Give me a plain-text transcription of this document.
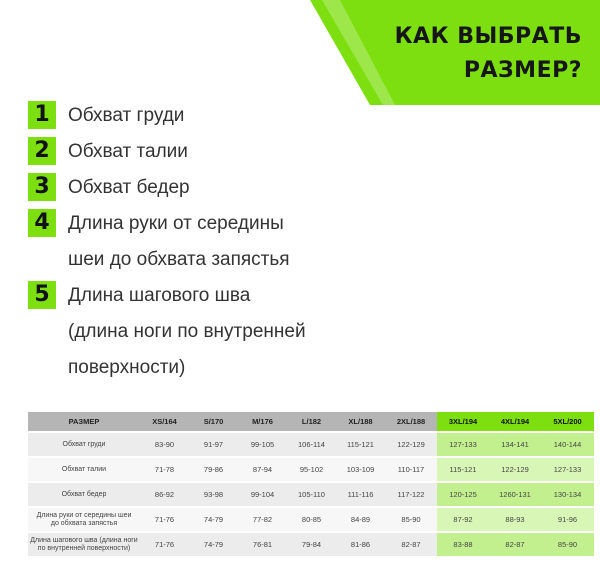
КАК ВЫБРАТЬ
РАЗМЕР?
1 Обхват груди
2 Обхват талии
3 Обхват бедер
4 Длина руки от середины
шеи до обхвата запястья
5 Длина шагового шва
(длина ноги по внутренней
поверхности)
РАЗМЕР	XS/164	S/170	M/176	L/182	XL/188	2XL/188	3XL/194	4XL/194	5XL/200

Обхват груди	83-90	91-97	99-105	106-114	115-121	122-129	127-133	134-141	140-144

Обхват талии	71-78	79-86	87-94	95-102	103-109	110-117	115-121	122-129	127-133

Обхват бедер	86-92	93-98	99-104	105-110	111-116	117-122	120-125	1260-131	130-134

Длина руки от середины шеи
до обхвата запястья	71-76	74-79	77-82	80-85	84-89	85-90	87-92	88-93	91-96

Длина шагового шва (длина ноги
по внутренней поверхности)	71-76	74-79	76-81	79-84	81-86	82-87	83-88	82-87	85-90
